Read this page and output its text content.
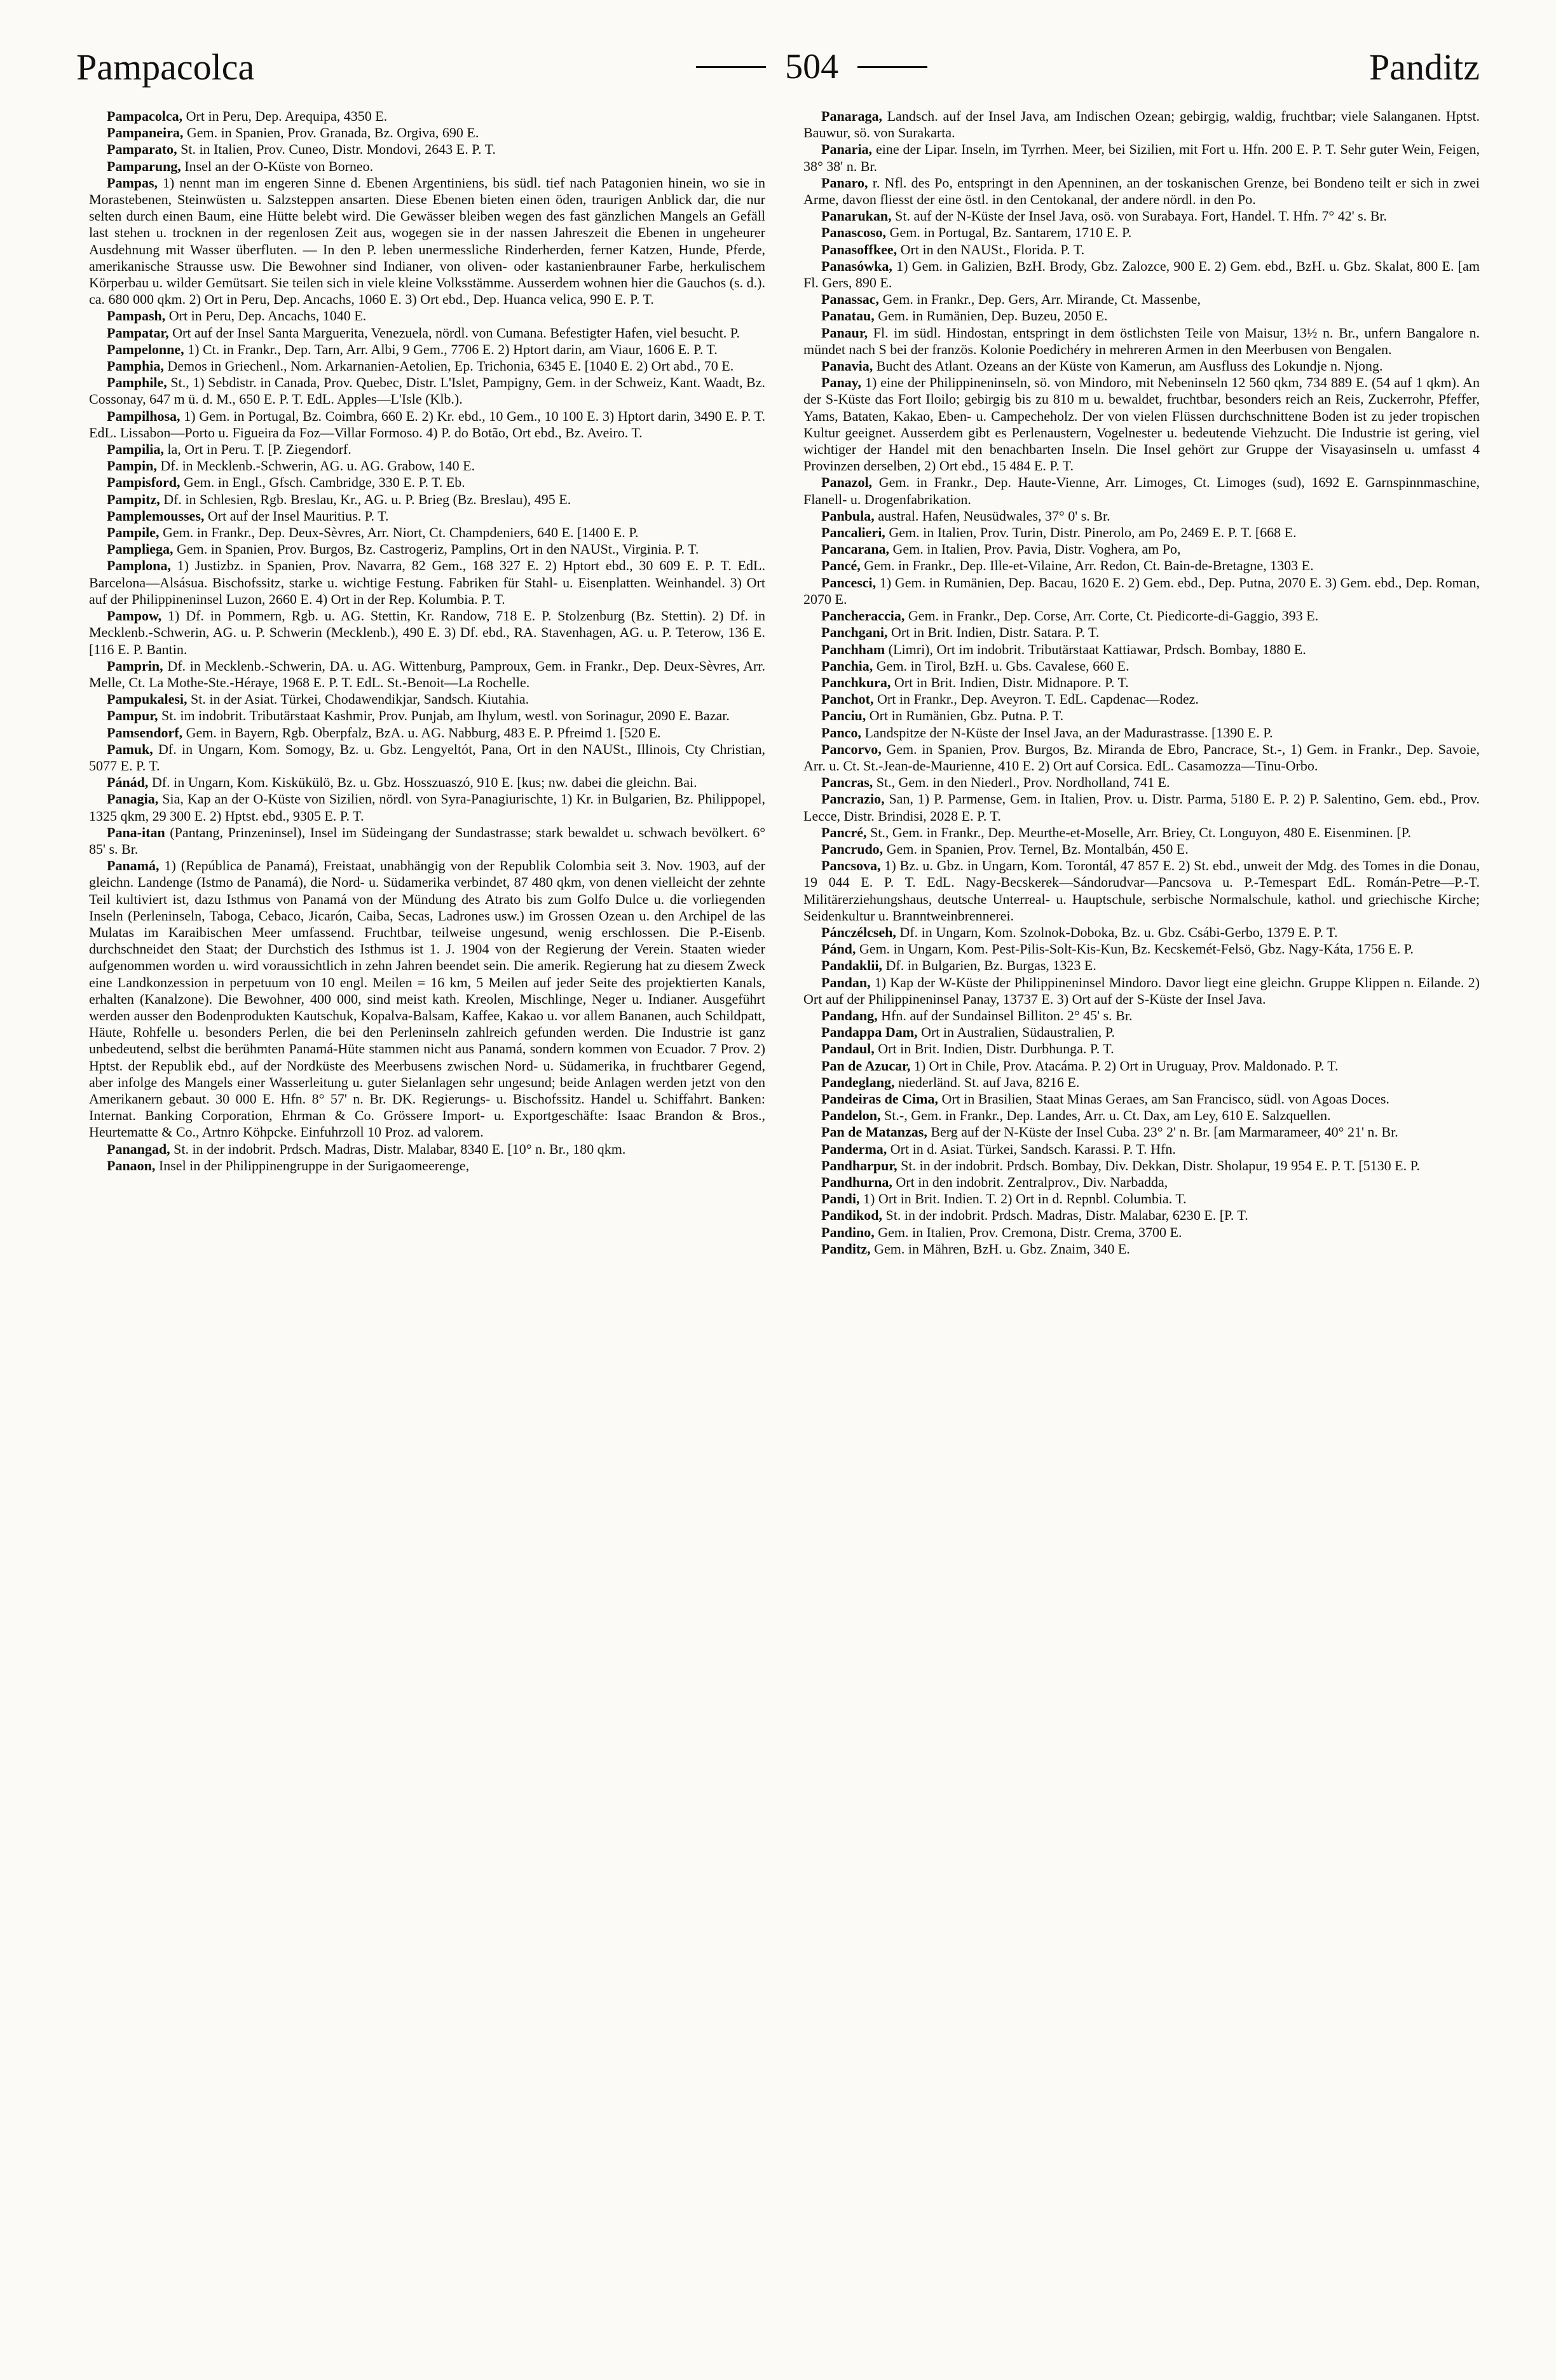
Pampacolca	504	Panditz

Pampacolca, Ort in Peru, Dep. Arequipa, 4350 E.

Pampaneira, Gem. in Spanien, Prov. Granada, Bz. Orgiva, 690 E.

Pamparato, St. in Italien, Prov. Cuneo, Distr. Mondovi, 2643 E. P. T.

Pamparung, Insel an der O-Küste von Borneo.

Pampas, 1) nennt man im engeren Sinne d. Ebenen Argentiniens, bis südl. tief nach Patagonien hinein, wo sie in Morastebenen, Steinwüsten u. Salzsteppen ansarten. Diese Ebenen bieten einen öden, traurigen Anblick dar, die nur selten durch einen Baum, eine Hütte belebt wird. Die Gewässer bleiben wegen des fast gänzlichen Mangels an Gefäll last stehen u. trocknen in der regenlosen Zeit aus, wogegen sie in der nassen Jahreszeit die Ebenen in ungeheurer Ausdehnung mit Wasser überfluten. — In den P. leben unermessliche Rinderherden, ferner Katzen, Hunde, Pferde, amerikanische Strausse usw. Die Bewohner sind Indianer, von oliven- oder kastanienbrauner Farbe, herkulischem Körperbau u. wilder Gemütsart. Sie teilen sich in viele kleine Volksstämme. Ausserdem wohnen hier die Gauchos (s. d.). ca. 680 000 qkm. 2) Ort in Peru, Dep. Ancachs, 1060 E. 3) Ort ebd., Dep. Huanca velica, 990 E. P. T.

Pampash, Ort in Peru, Dep. Ancachs, 1040 E.

Pampatar, Ort auf der Insel Santa Marguerita, Venezuela, nördl. von Cumana. Befestigter Hafen, viel besucht. P.

Pampelonne, 1) Ct. in Frankr., Dep. Tarn, Arr. Albi, 9 Gem., 7706 E. 2) Hptort darin, am Viaur, 1606 E. P. T.

Pamphia, Demos in Griechenl., Nom. Arkarnanien-Aetolien, Ep. Trichonia, 6345 E. [1040 E. 2) Ort abd., 70 E.

Pamphile, St., 1) Sebdistr. in Canada, Prov. Quebec, Distr. L'Islet, Pampigny, Gem. in der Schweiz, Kant. Waadt, Bz. Cossonay, 647 m ü. d. M., 650 E. P. T. EdL. Apples—L'Isle (Klb.).

Pampilhosa, 1) Gem. in Portugal, Bz. Coimbra, 660 E. 2) Kr. ebd., 10 Gem., 10 100 E. 3) Hptort darin, 3490 E. P. T. EdL. Lissabon—Porto u. Figueira da Foz—Villar Formoso. 4) P. do Botão, Ort ebd., Bz. Aveiro. T.

Pampilia, la, Ort in Peru. T. [P. Ziegendorf.

Pampin, Df. in Mecklenb.-Schwerin, AG. u. AG. Grabow, 140 E.

Pampisford, Gem. in Engl., Gfsch. Cambridge, 330 E. P. T. Eb.

Pampitz, Df. in Schlesien, Rgb. Breslau, Kr., AG. u. P. Brieg (Bz. Breslau), 495 E.

Pamplemousses, Ort auf der Insel Mauritius. P. T.

Pampile, Gem. in Frankr., Dep. Deux-Sèvres, Arr. Niort, Ct. Champdeniers, 640 E. [1400 E. P.

Pampliega, Gem. in Spanien, Prov. Burgos, Bz. Castrogeriz, Pamplins, Ort in den NAUSt., Virginia. P. T.

Pamplona, 1) Justizbz. in Spanien, Prov. Navarra, 82 Gem., 168 327 E. 2) Hptort ebd., 30 609 E. P. T. EdL. Barcelona—Alsásua. Bischofssitz, starke u. wichtige Festung. Fabriken für Stahl- u. Eisenplatten. Weinhandel. 3) Ort auf der Philippineninsel Luzon, 2660 E. 4) Ort in der Rep. Kolumbia. P. T.

Pampow, 1) Df. in Pommern, Rgb. u. AG. Stettin, Kr. Randow, 718 E. P. Stolzenburg (Bz. Stettin). 2) Df. in Mecklenb.-Schwerin, AG. u. P. Schwerin (Mecklenb.), 490 E. 3) Df. ebd., RA. Stavenhagen, AG. u. P. Teterow, 136 E. [116 E. P. Bantin.

Pamprin, Df. in Mecklenb.-Schwerin, DA. u. AG. Wittenburg, Pamproux, Gem. in Frankr., Dep. Deux-Sèvres, Arr. Melle, Ct. La Mothe-Ste.-Héraye, 1968 E. P. T. EdL. St.-Benoit—La Rochelle.

Pampukalesi, St. in der Asiat. Türkei, Chodawendikjar, Sandsch. Kiutahia.

Pampur, St. im indobrit. Tributärstaat Kashmir, Prov. Punjab, am Ihylum, westl. von Sorinagur, 2090 E. Bazar.

Pamsendorf, Gem. in Bayern, Rgb. Oberpfalz, BzA. u. AG. Nabburg, 483 E. P. Pfreimd 1. [520 E.

Pamuk, Df. in Ungarn, Kom. Somogy, Bz. u. Gbz. Lengyeltót, Pana, Ort in den NAUSt., Illinois, Cty Christian, 5077 E. P. T.

Pánád, Df. in Ungarn, Kom. Kiskükülö, Bz. u. Gbz. Hosszuaszó, 910 E. [kus; nw. dabei die gleichn. Bai.

Panagia, Sia, Kap an der O-Küste von Sizilien, nördl. von Syra-Panagiurischte, 1) Kr. in Bulgarien, Bz. Philippopel, 1325 qkm, 29 300 E. 2) Hptst. ebd., 9305 E. P. T.

Pana-itan (Pantang, Prinzeninsel), Insel im Südeingang der Sundastrasse; stark bewaldet u. schwach bevölkert. 6° 85' s. Br.

Panamá, 1) (República de Panamá), Freistaat, unabhängig von der Republik Colombia seit 3. Nov. 1903, auf der gleichn. Landenge (Istmo de Panamá), die Nord- u. Südamerika verbindet, 87 480 qkm, von denen vielleicht der zehnte Teil kultiviert ist, dazu Isthmus von Panamá von der Mündung des Atrato bis zum Golfo Dulce u. die vorliegenden Inseln (Perleninseln, Taboga, Cebaco, Jicarón, Caiba, Secas, Ladrones usw.) im Grossen Ozean u. den Archipel de las Mulatas im Karaibischen Meer umfassend. Fruchtbar, teilweise ungesund, wenig erschlossen. Die P.-Eisenb. durchschneidet den Staat; der Durchstich des Isthmus ist 1. J. 1904 von der Regierung der Verein. Staaten wieder aufgenommen worden u. wird voraussichtlich in zehn Jahren beendet sein. Die amerik. Regierung hat zu diesem Zweck eine Landkonzession in perpetuum von 10 engl. Meilen = 16 km, 5 Meilen auf jeder Seite des projektierten Kanals, erhalten (Kanalzone). Die Bewohner, 400 000, sind meist kath. Kreolen, Mischlinge, Neger u. Indianer. Ausgeführt werden ausser den Bodenprodukten Kautschuk, Kopalva-Balsam, Kaffee, Kakao u. vor allem Bananen, auch Schildpatt, Häute, Rohfelle u. besonders Perlen, die bei den Perleninseln zahlreich gefunden werden. Die Industrie ist ganz unbedeutend, selbst die berühmten Panamá-Hüte stammen nicht aus Panamá, sondern kommen von Ecuador. 7 Prov. 2) Hptst. der Republik ebd., auf der Nordküste des Meerbusens zwischen Nord- u. Südamerika, in fruchtbarer Gegend, aber infolge des Mangels einer Wasserleitung u. guter Sielanlagen sehr ungesund; beide Anlagen werden jetzt von den Amerikanern gebaut. 30 000 E. Hfn. 8° 57' n. Br. DK. Regierungs- u. Bischofssitz. Handel u. Schiffahrt. Banken: Internat. Banking Corporation, Ehrman & Co. Grössere Import- u. Exportgeschäfte: Isaac Brandon & Bros., Heurtematte & Co., Artnro Köhpcke. Einfuhrzoll 10 Proz. ad valorem.

Panangad, St. in der indobrit. Prdsch. Madras, Distr. Malabar, 8340 E. [10° n. Br., 180 qkm.

Panaon, Insel in der Philippinengruppe in der Surigaomeerenge,

Panaraga, Landsch. auf der Insel Java, am Indischen Ozean; gebirgig, waldig, fruchtbar; viele Salanganen. Hptst. Bauwur, sö. von Surakarta.

Panaria, eine der Lipar. Inseln, im Tyrrhen. Meer, bei Sizilien, mit Fort u. Hfn. 200 E. P. T. Sehr guter Wein, Feigen, 38° 38' n. Br.

Panaro, r. Nfl. des Po, entspringt in den Apenninen, an der toskanischen Grenze, bei Bondeno teilt er sich in zwei Arme, davon fliesst der eine östl. in den Centokanal, der andere nördl. in den Po.

Panarukan, St. auf der N-Küste der Insel Java, osö. von Surabaya. Fort, Handel. T. Hfn. 7° 42' s. Br.

Panascoso, Gem. in Portugal, Bz. Santarem, 1710 E. P.

Panasoffkee, Ort in den NAUSt., Florida. P. T.

Panasówka, 1) Gem. in Galizien, BzH. Brody, Gbz. Zalozce, 900 E. 2) Gem. ebd., BzH. u. Gbz. Skalat, 800 E. [am Fl. Gers, 890 E.

Panassac, Gem. in Frankr., Dep. Gers, Arr. Mirande, Ct. Massenbe,

Panatau, Gem. in Rumänien, Dep. Buzeu, 2050 E.

Panaur, Fl. im südl. Hindostan, entspringt in dem östlichsten Teile von Maisur, 13½ n. Br., unfern Bangalore n. mündet nach S bei der französ. Kolonie Poedichéry in mehreren Armen in den Meerbusen von Bengalen.

Panavia, Bucht des Atlant. Ozeans an der Küste von Kamerun, am Ausfluss des Lokundje n. Njong.

Panay, 1) eine der Philippineninseln, sö. von Mindoro, mit Nebeninseln 12 560 qkm, 734 889 E. (54 auf 1 qkm). An der S-Küste das Fort Iloilo; gebirgig bis zu 810 m u. bewaldet, fruchtbar, besonders reich an Reis, Zuckerrohr, Pfeffer, Yams, Bataten, Kakao, Eben- u. Campecheholz. Der von vielen Flüssen durchschnittene Boden ist zu jeder tropischen Kultur geeignet. Ausserdem gibt es Perlenaustern, Vogelnester u. bedeutende Viehzucht. Die Industrie ist gering, viel wichtiger der Handel mit den benachbarten Inseln. Die Insel gehört zur Gruppe der Visayasinseln u. umfasst 4 Provinzen derselben, 2) Ort ebd., 15 484 E. P. T.

Panazol, Gem. in Frankr., Dep. Haute-Vienne, Arr. Limoges, Ct. Limoges (sud), 1692 E. Garnspinnmaschine, Flanell- u. Drogenfabrikation.

Panbula, austral. Hafen, Neusüdwales, 37° 0' s. Br.

Pancalieri, Gem. in Italien, Prov. Turin, Distr. Pinerolo, am Po, 2469 E. P. T. [668 E.

Pancarana, Gem. in Italien, Prov. Pavia, Distr. Voghera, am Po,

Pancé, Gem. in Frankr., Dep. Ille-et-Vilaine, Arr. Redon, Ct. Bain-de-Bretagne, 1303 E.

Pancesci, 1) Gem. in Rumänien, Dep. Bacau, 1620 E. 2) Gem. ebd., Dep. Putna, 2070 E. 3) Gem. ebd., Dep. Roman, 2070 E.

Pancheraccia, Gem. in Frankr., Dep. Corse, Arr. Corte, Ct. Piedicorte-di-Gaggio, 393 E.

Panchgani, Ort in Brit. Indien, Distr. Satara. P. T.

Panchham (Limri), Ort im indobrit. Tributärstaat Kattiawar, Prdsch. Bombay, 1880 E.

Panchia, Gem. in Tirol, BzH. u. Gbs. Cavalese, 660 E.

Panchkura, Ort in Brit. Indien, Distr. Midnapore. P. T.

Panchot, Ort in Frankr., Dep. Aveyron. T. EdL. Capdenac—Rodez.

Panciu, Ort in Rumänien, Gbz. Putna. P. T.

Panco, Landspitze der N-Küste der Insel Java, an der Madurastrasse. [1390 E. P.

Pancorvo, Gem. in Spanien, Prov. Burgos, Bz. Miranda de Ebro, Pancrace, St.-, 1) Gem. in Frankr., Dep. Savoie, Arr. u. Ct. St.-Jean-de-Maurienne, 410 E. 2) Ort auf Corsica. EdL. Casamozza—Tinu-Orbo.

Pancras, St., Gem. in den Niederl., Prov. Nordholland, 741 E.

Pancrazio, San, 1) P. Parmense, Gem. in Italien, Prov. u. Distr. Parma, 5180 E. P. 2) P. Salentino, Gem. ebd., Prov. Lecce, Distr. Brindisi, 2028 E. P. T.

Pancré, St., Gem. in Frankr., Dep. Meurthe-et-Moselle, Arr. Briey, Ct. Longuyon, 480 E. Eisenminen. [P.

Pancrudo, Gem. in Spanien, Prov. Ternel, Bz. Montalbán, 450 E.

Pancsova, 1) Bz. u. Gbz. in Ungarn, Kom. Torontál, 47 857 E. 2) St. ebd., unweit der Mdg. des Tomes in die Donau, 19 044 E. P. T. EdL. Nagy-Becskerek—Sándorudvar—Pancsova u. P.-Temespart EdL. Román-Petre—P.-T. Militärerziehungshaus, deutsche Unterreal- u. Hauptschule, serbische Normalschule, kathol. und griechische Kirche; Seidenkultur u. Branntweinbrennerei.

Pánczélcseh, Df. in Ungarn, Kom. Szolnok-Doboka, Bz. u. Gbz. Csábi-Gerbo, 1379 E. P. T.

Pánd, Gem. in Ungarn, Kom. Pest-Pilis-Solt-Kis-Kun, Bz. Kecskemét-Felsö, Gbz. Nagy-Káta, 1756 E. P.

Pandaklii, Df. in Bulgarien, Bz. Burgas, 1323 E.

Pandan, 1) Kap der W-Küste der Philippineninsel Mindoro. Davor liegt eine gleichn. Gruppe Klippen n. Eilande. 2) Ort auf der Philippineninsel Panay, 13737 E. 3) Ort auf der S-Küste der Insel Java.

Pandang, Hfn. auf der Sundainsel Billiton. 2° 45' s. Br.

Pandappa Dam, Ort in Australien, Südaustralien, P.

Pandaul, Ort in Brit. Indien, Distr. Durbhunga. P. T.

Pan de Azucar, 1) Ort in Chile, Prov. Atacáma. P. 2) Ort in Uruguay, Prov. Maldonado. P. T.

Pandeglang, niederländ. St. auf Java, 8216 E.

Pandeiras de Cima, Ort in Brasilien, Staat Minas Geraes, am San Francisco, südl. von Agoas Doces.

Pandelon, St.-, Gem. in Frankr., Dep. Landes, Arr. u. Ct. Dax, am Ley, 610 E. Salzquellen.

Pan de Matanzas, Berg auf der N-Küste der Insel Cuba. 23° 2' n. Br. [am Marmarameer, 40° 21' n. Br.

Panderma, Ort in d. Asiat. Türkei, Sandsch. Karassi. P. T. Hfn.

Pandharpur, St. in der indobrit. Prdsch. Bombay, Div. Dekkan, Distr. Sholapur, 19 954 E. P. T. [5130 E. P.

Pandhurna, Ort in den indobrit. Zentralprov., Div. Narbadda,

Pandi, 1) Ort in Brit. Indien. T. 2) Ort in d. Repnbl. Columbia. T.

Pandikod, St. in der indobrit. Prdsch. Madras, Distr. Malabar, 6230 E. [P. T.

Pandino, Gem. in Italien, Prov. Cremona, Distr. Crema, 3700 E.

Panditz, Gem. in Mähren, BzH. u. Gbz. Znaim, 340 E.
